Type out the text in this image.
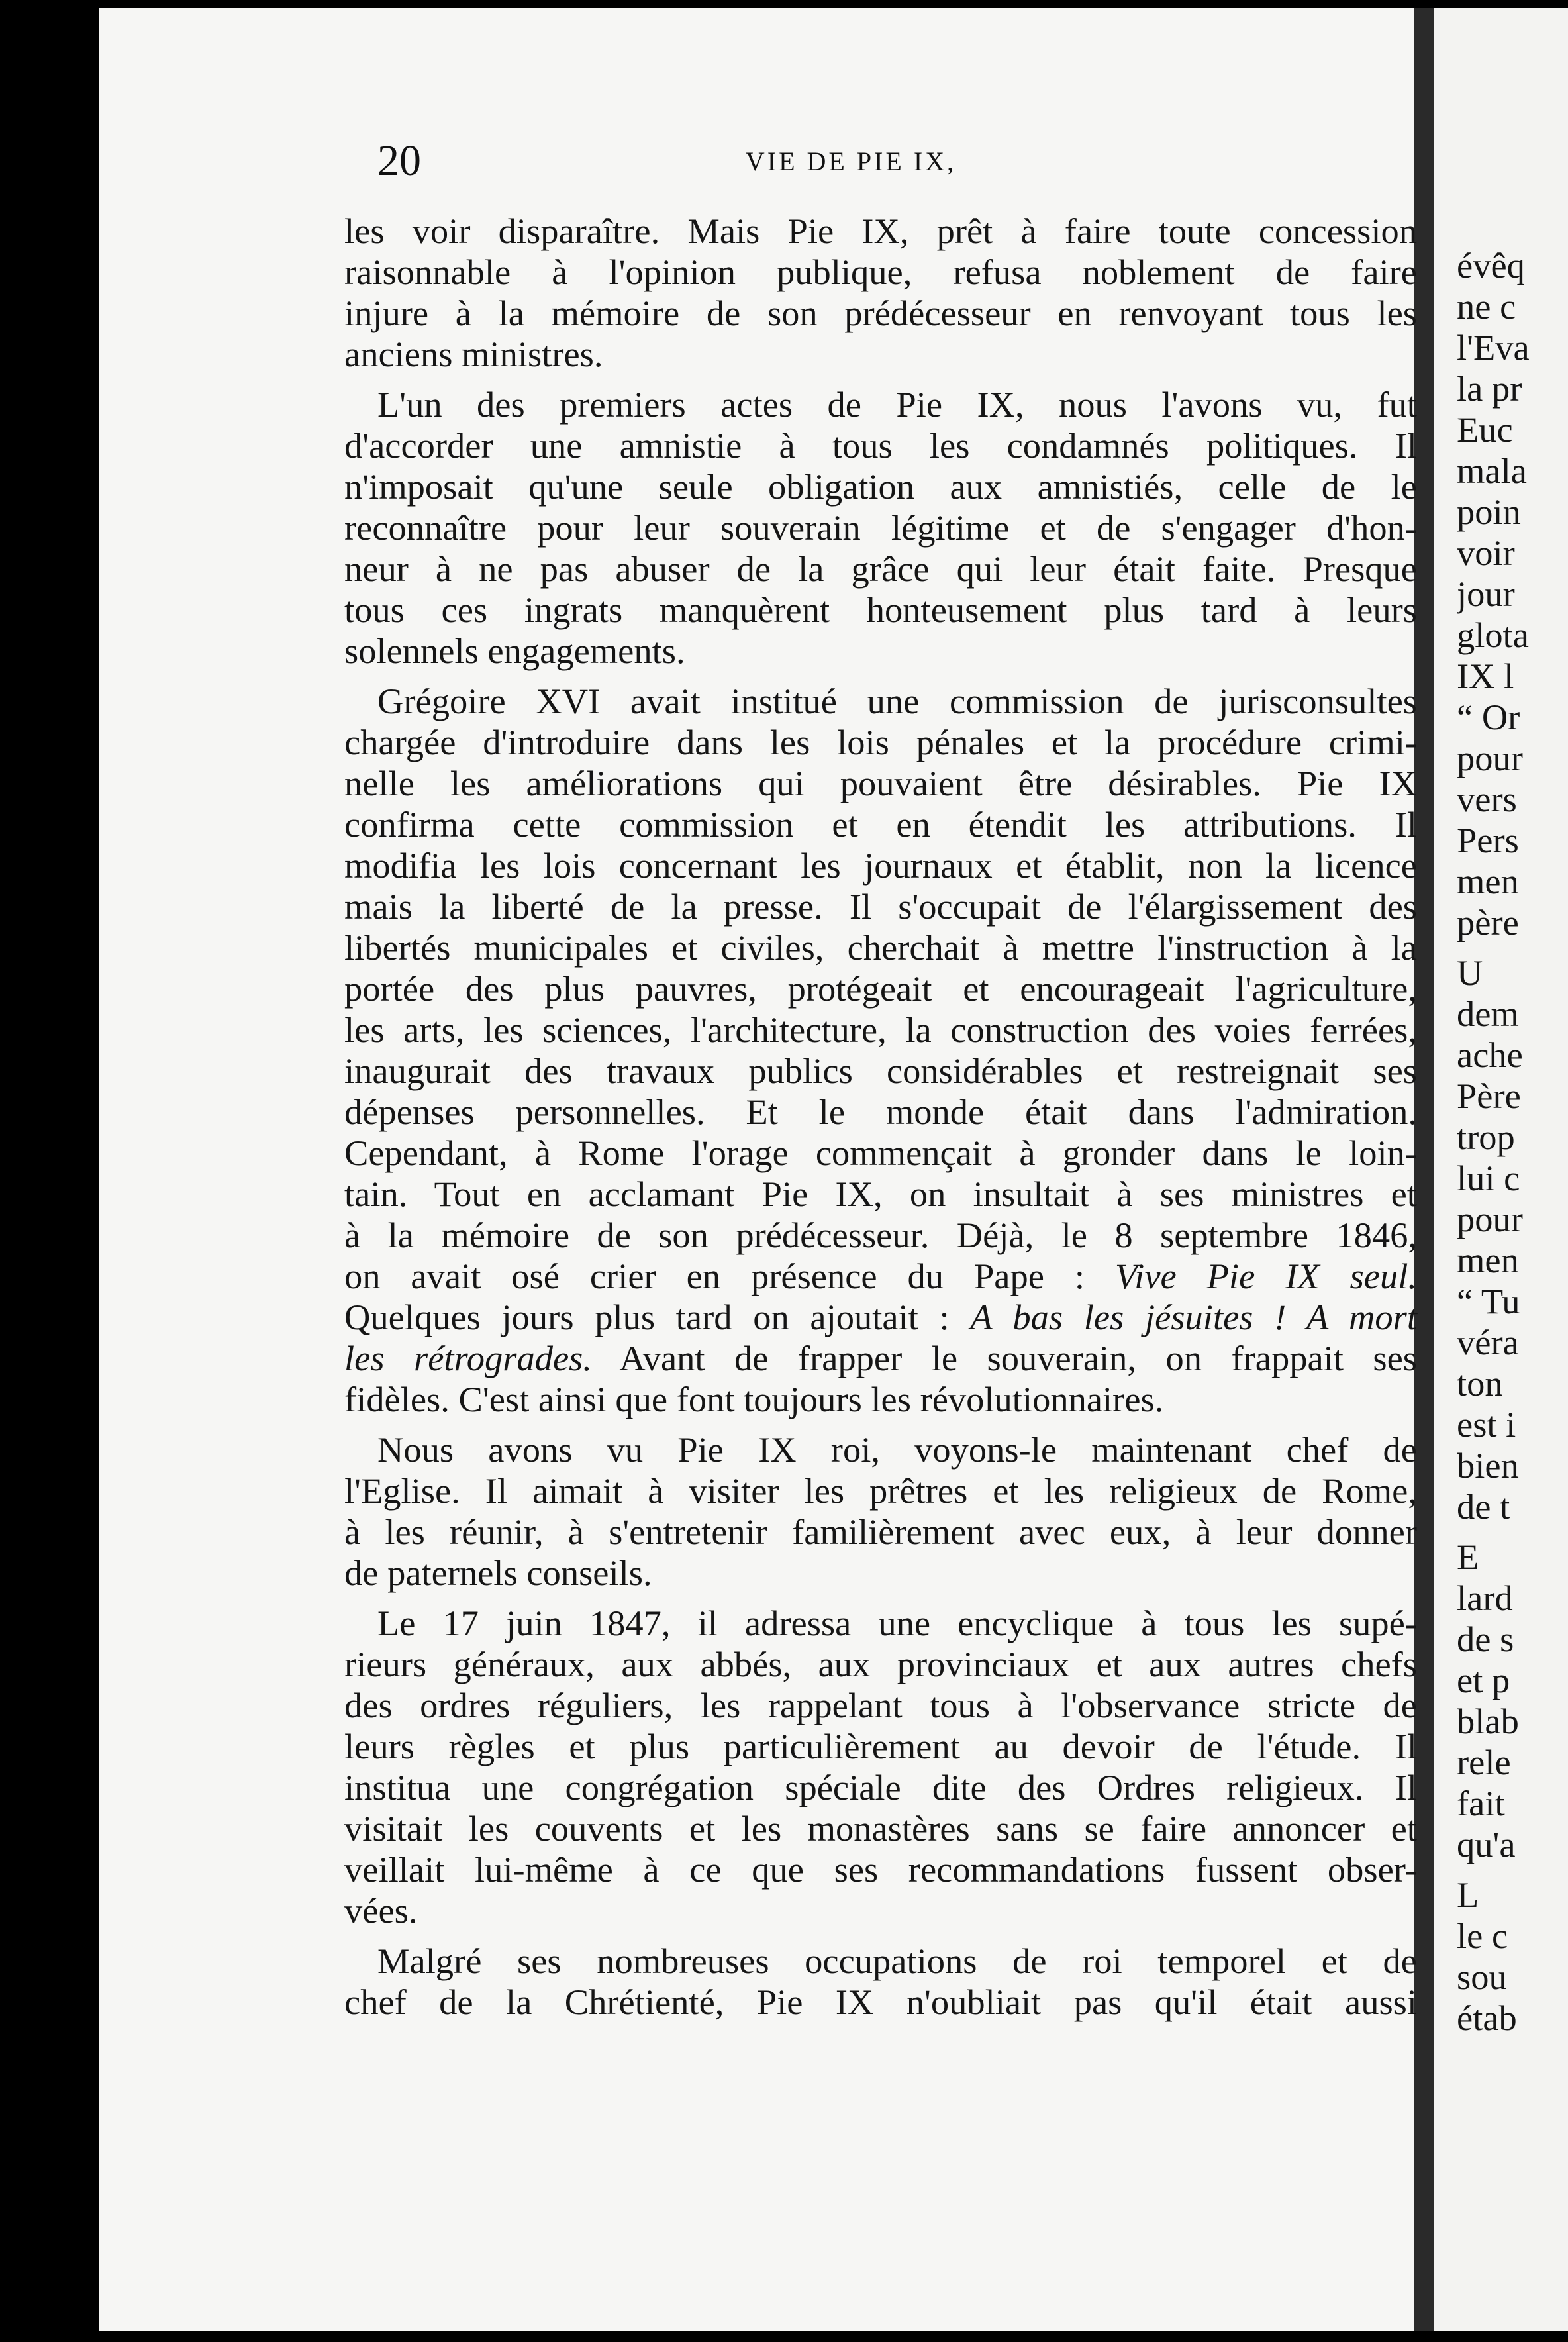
20	VIE DE PIE IX,
les voir disparaître. Mais Pie IX, prêt à faire toute concession
raisonnable à l'opinion publique, refusa noblement de faire
injure à la mémoire de son prédécesseur en renvoyant tous les
anciens ministres.
L'un des premiers actes de Pie IX, nous l'avons vu, fut
d'accorder une amnistie à tous les condamnés politiques. Il
n'imposait qu'une seule obligation aux amnistiés, celle de le
reconnaître pour leur souverain légitime et de s'engager d'hon-
neur à ne pas abuser de la grâce qui leur était faite. Presque
tous ces ingrats manquèrent honteusement plus tard à leurs
solennels engagements.
Grégoire XVI avait institué une commission de jurisconsultes
chargée d'introduire dans les lois pénales et la procédure crimi-
nelle les améliorations qui pouvaient être désirables. Pie IX
confirma cette commission et en étendit les attributions. Il
modifia les lois concernant les journaux et établit, non la licence
mais la liberté de la presse. Il s'occupait de l'élargissement des
libertés municipales et civiles, cherchait à mettre l'instruction à la
portée des plus pauvres, protégeait et encourageait l'agriculture,
les arts, les sciences, l'architecture, la construction des voies ferrées,
inaugurait des travaux publics considérables et restreignait ses
dépenses personnelles. Et le monde était dans l'admiration.
Cependant, à Rome l'orage commençait à gronder dans le loin-
tain. Tout en acclamant Pie IX, on insultait à ses ministres et
à la mémoire de son prédécesseur. Déjà, le 8 septembre 1846,
on avait osé crier en présence du Pape : Vive Pie IX seul.
Quelques jours plus tard on ajoutait : A bas les jésuites ! A mort
les rétrogrades. Avant de frapper le souverain, on frappait ses
fidèles. C'est ainsi que font toujours les révolutionnaires.
Nous avons vu Pie IX roi, voyons-le maintenant chef de
l'Eglise. Il aimait à visiter les prêtres et les religieux de Rome,
à les réunir, à s'entretenir familièrement avec eux, à leur donner
de paternels conseils.
Le 17 juin 1847, il adressa une encyclique à tous les supé-
rieurs généraux, aux abbés, aux provinciaux et aux autres chefs
des ordres réguliers, les rappelant tous à l'observance stricte de
leurs règles et plus particulièrement au devoir de l'étude. Il
institua une congrégation spéciale dite des Ordres religieux. Il
visitait les couvents et les monastères sans se faire annoncer et
veillait lui-même à ce que ses recommandations fussent obser-
vées.
Malgré ses nombreuses occupations de roi temporel et de
chef de la Chrétienté, Pie IX n'oubliait pas qu'il était aussi
évêq
ne c
l'Eva
la pr
Euc
mala
poin
voir
jour
glota
IX l
“ Or
pour
vers
Pers
men
père
U
dem
ache
Père
trop
lui c
pour
men
“ Tu
véra
ton
est i
bien
de t
E
lard
de s
et p
blab
rele
fait
qu'a
L
le c
sou
étab
